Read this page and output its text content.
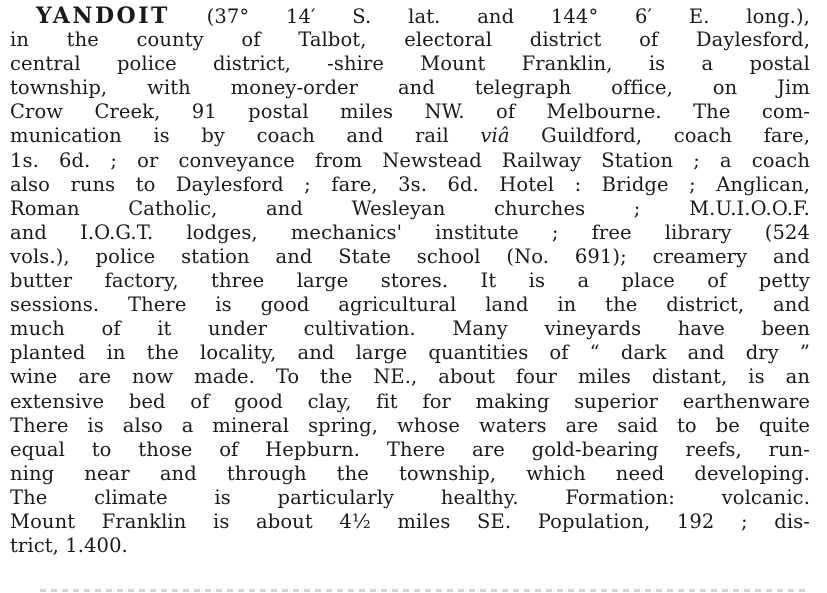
YANDOIT (37° 14′ S. lat. and 144° 6′ E. long.),
in the county of Talbot, electoral district of Daylesford,
central police district, -shire Mount Franklin, is a postal
township, with money-order and telegraph office, on Jim
Crow Creek, 91 postal miles NW. of Melbourne. The com-
munication is by coach and rail viâ Guildford, coach fare,
1s. 6d. ; or conveyance from Newstead Railway Station ; a coach
also runs to Daylesford ; fare, 3s. 6d. Hotel : Bridge ; Anglican,
Roman Catholic, and Wesleyan churches ; M.U.I.O.O.F.
and I.O.G.T. lodges, mechanics' institute ; free library (524
vols.), police station and State school (No. 691); creamery and
butter factory, three large stores. It is a place of petty
sessions. There is good agricultural land in the district, and
much of it under cultivation. Many vineyards have been
planted in the locality, and large quantities of “ dark and dry ”
wine are now made. To the NE., about four miles distant, is an
extensive bed of good clay, fit for making superior earthenware
There is also a mineral spring, whose waters are said to be quite
equal to those of Hepburn. There are gold-bearing reefs, run-
ning near and through the township, which need developing.
The climate is particularly healthy. Formation: volcanic.
Mount Franklin is about 4½ miles SE. Population, 192 ; dis-
trict, 1.400.
